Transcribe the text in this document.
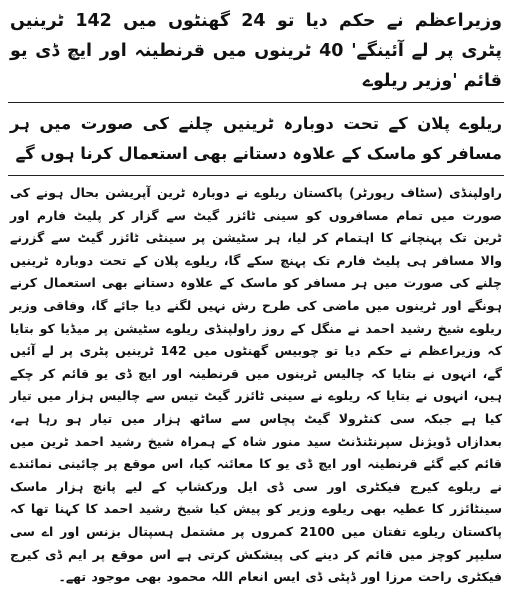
وزیراعظم نے حکم دیا تو 24 گھنٹوں میں 142 ٹرینیں پٹری پر لے آئینگے' 40 ٹرینوں میں قرنطینہ اور ایچ ڈی یو قائم 'وزیر ریلوے

ریلوے پلان کے تحت دوبارہ ٹرینیں چلنے کی صورت میں ہر مسافر کو ماسک کے علاوہ دستانے بھی استعمال کرنا ہوں گے

راولپنڈی (سٹاف رپورٹر) پاکستان ریلوے نے دوبارہ ٹرین آپریشن بحال ہونے کی صورت میں تمام مسافروں کو سینی ٹائزر گیٹ سے گزار کر پلیٹ فارم اور ٹرین تک پہنچانے کا اہتمام کر لیا، ہر سٹیشن پر سینٹی ٹائزر گیٹ سے گزرنے والا مسافر ہی پلیٹ فارم تک پہنچ سکے گا، ریلوے پلان کے تحت دوبارہ ٹرینیں چلنے کی صورت میں ہر مسافر کو ماسک کے علاوہ دستانے بھی استعمال کرنے ہونگے اور ٹرینوں میں ماضی کی طرح رش نہیں لگنے دیا جائے گا، وفاقی وزیر ریلوے شیخ رشید احمد نے منگل کے روز راولپنڈی ریلوے سٹیشن پر میڈیا کو بتایا کہ وزیراعظم نے حکم دیا تو چوبیس گھنٹوں میں 142 ٹرینیں پٹری پر لے آئیں گے، انہوں نے بتایا کہ چالیس ٹرینوں میں قرنطینہ اور ایچ ڈی یو قائم کر چکے ہیں، انہوں نے بتایا کہ ریلوے نے سینی ٹائزر گیٹ تیس سے چالیس ہزار میں تیار کیا ہے جبکہ سی کنٹرولا گیٹ پچاس سے ساٹھ ہزار میں تیار ہو رہا ہے، بعدازاں ڈویژنل سپرنٹنڈنٹ سید منور شاہ کے ہمراہ شیخ رشید احمد ٹرین میں قائم کیے گئے قرنطینہ اور ایچ ڈی یو کا معائنہ کیا، اس موقع پر چائینی نمائندے نے ریلوے کیرج فیکٹری اور سی ڈی ایل ورکشاپ کے لیے پانچ ہزار ماسک سینٹائزر کا عطیہ بھی ریلوے وزیر کو پیش کیا شیخ رشید احمد کا کہنا تھا کہ پاکستان ریلوے تفتان میں 2100 کمروں پر مشتمل ہسپتال بزنس اور اے سی سلیپر کوچز میں قائم کر دینے کی پیشکش کرتی ہے اس موقع پر ایم ڈی کیرج فیکٹری راحت مرزا اور ڈپٹی ڈی ایس انعام اللہ محمود بھی موجود تھے۔
